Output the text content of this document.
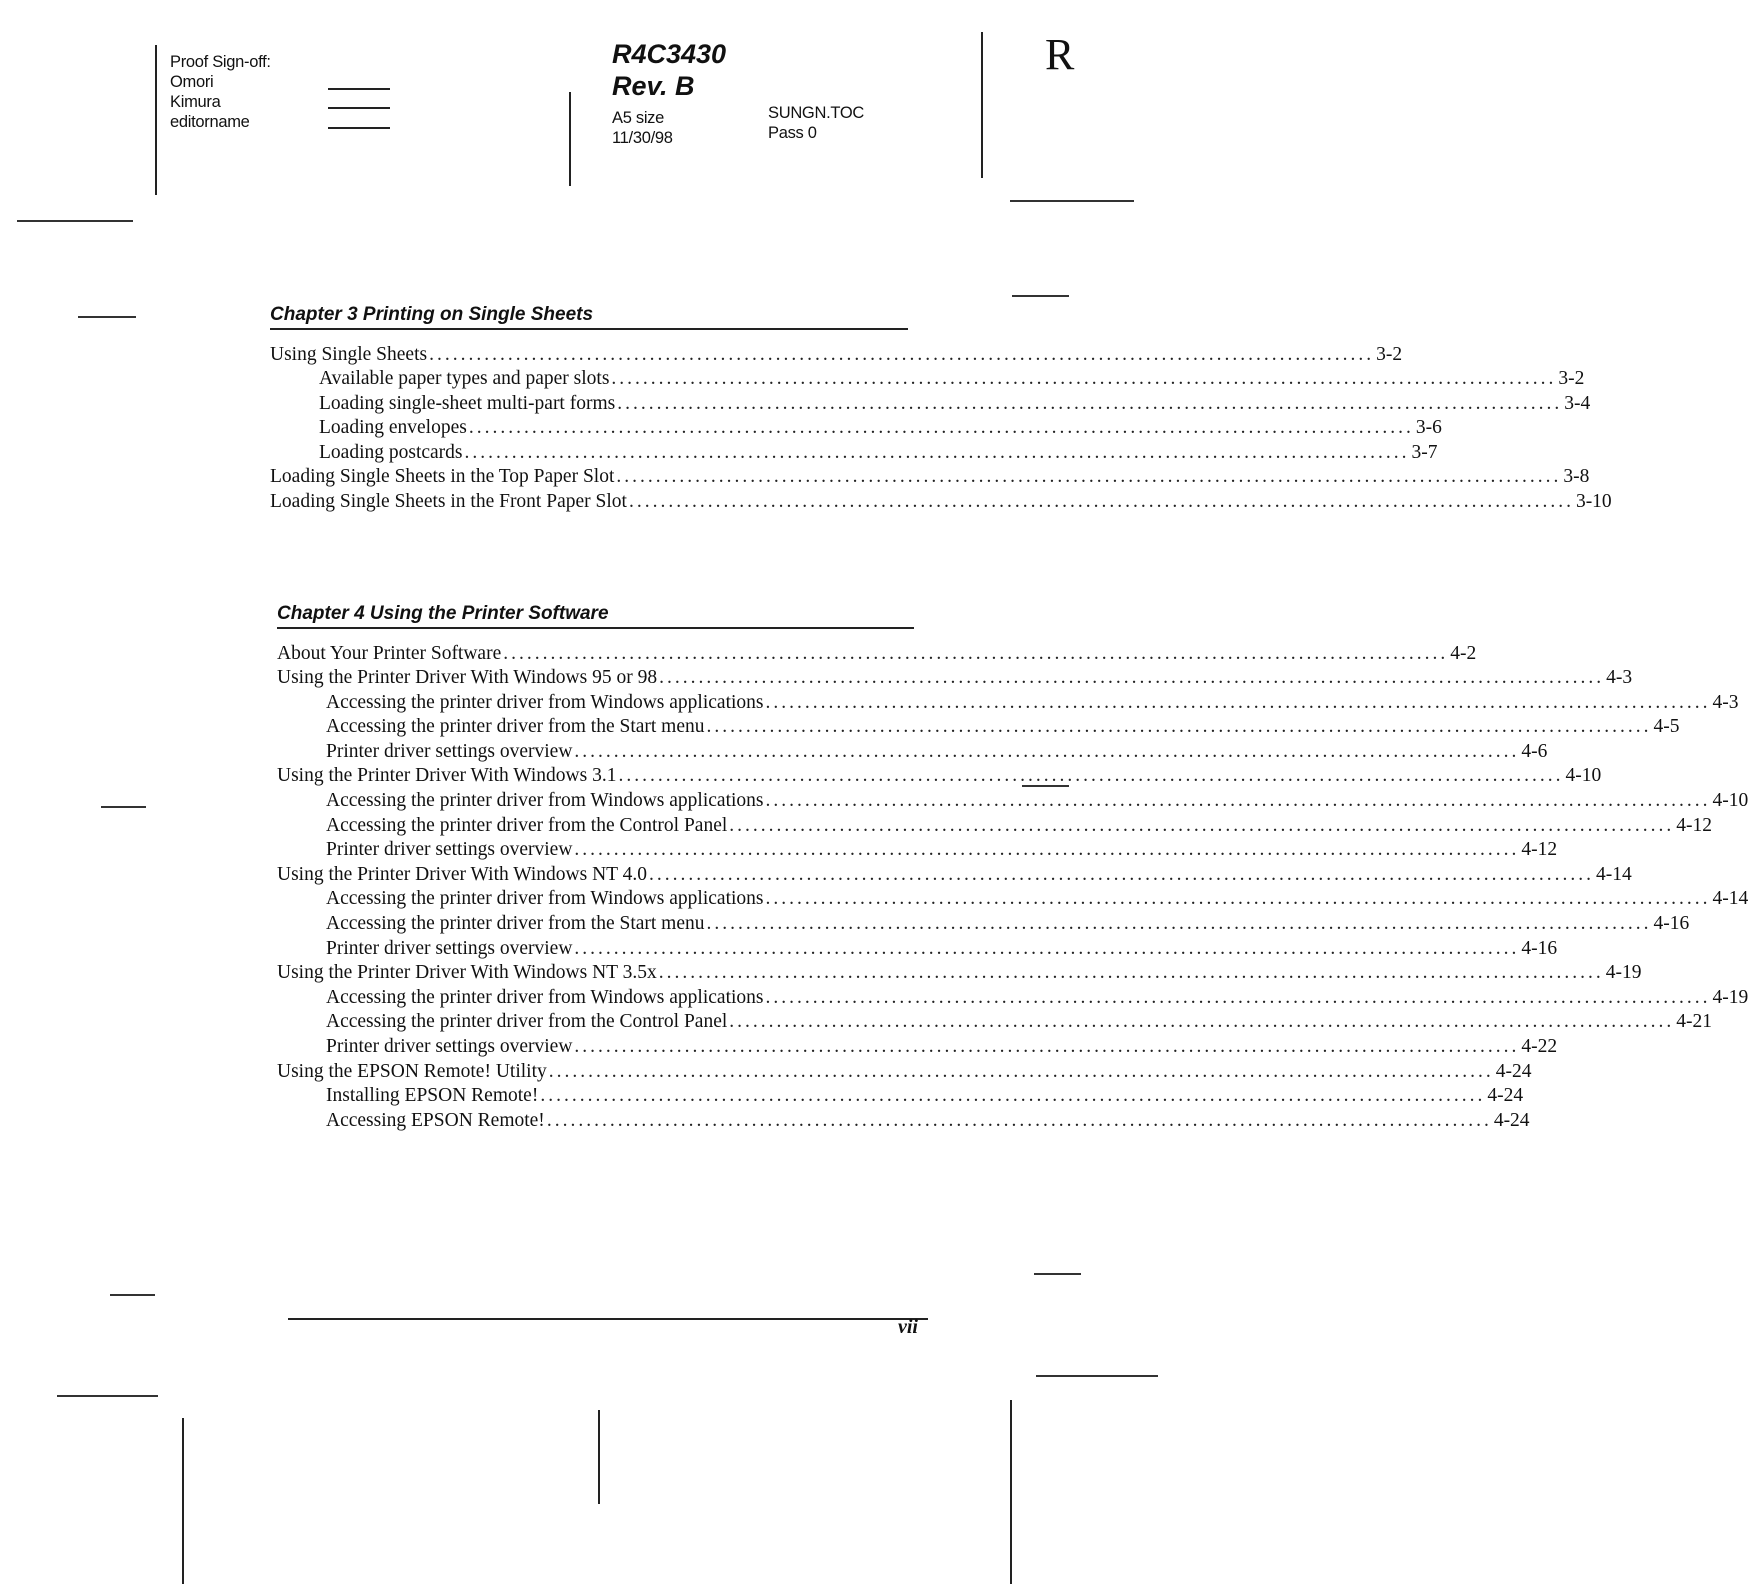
Proof Sign-off:
Omori
Kimura
editorname
R4C3430
Rev. B
A5 size
11/30/98
SUNGN.TOC
Pass 0
R
Chapter 3 Printing on Single Sheets
Using Single Sheets ........................................................................................................................ 3-2
Available paper types and paper slots ........................................................................................................................ 3-2
Loading single-sheet multi-part forms ........................................................................................................................ 3-4
Loading envelopes ........................................................................................................................ 3-6
Loading postcards ........................................................................................................................ 3-7
Loading Single Sheets in the Top Paper Slot ........................................................................................................................ 3-8
Loading Single Sheets in the Front Paper Slot ........................................................................................................................ 3-10
Chapter 4 Using the Printer Software
About Your Printer Software ........................................................................................................................ 4-2
Using the Printer Driver With Windows 95 or 98 ........................................................................................................................ 4-3
Accessing the printer driver from Windows applications ........................................................................................................................ 4-3
Accessing the printer driver from the Start menu ........................................................................................................................ 4-5
Printer driver settings overview ........................................................................................................................ 4-6
Using the Printer Driver With Windows 3.1 ........................................................................................................................ 4-10
Accessing the printer driver from Windows applications ........................................................................................................................ 4-10
Accessing the printer driver from the Control Panel ........................................................................................................................ 4-12
Printer driver settings overview ........................................................................................................................ 4-12
Using the Printer Driver With Windows NT 4.0 ........................................................................................................................ 4-14
Accessing the printer driver from Windows applications ........................................................................................................................ 4-14
Accessing the printer driver from the Start menu ........................................................................................................................ 4-16
Printer driver settings overview ........................................................................................................................ 4-16
Using the Printer Driver With Windows NT 3.5x ........................................................................................................................ 4-19
Accessing the printer driver from Windows applications ........................................................................................................................ 4-19
Accessing the printer driver from the Control Panel ........................................................................................................................ 4-21
Printer driver settings overview ........................................................................................................................ 4-22
Using the EPSON Remote! Utility ........................................................................................................................ 4-24
Installing EPSON Remote! ........................................................................................................................ 4-24
Accessing EPSON Remote! ........................................................................................................................ 4-24
vii
